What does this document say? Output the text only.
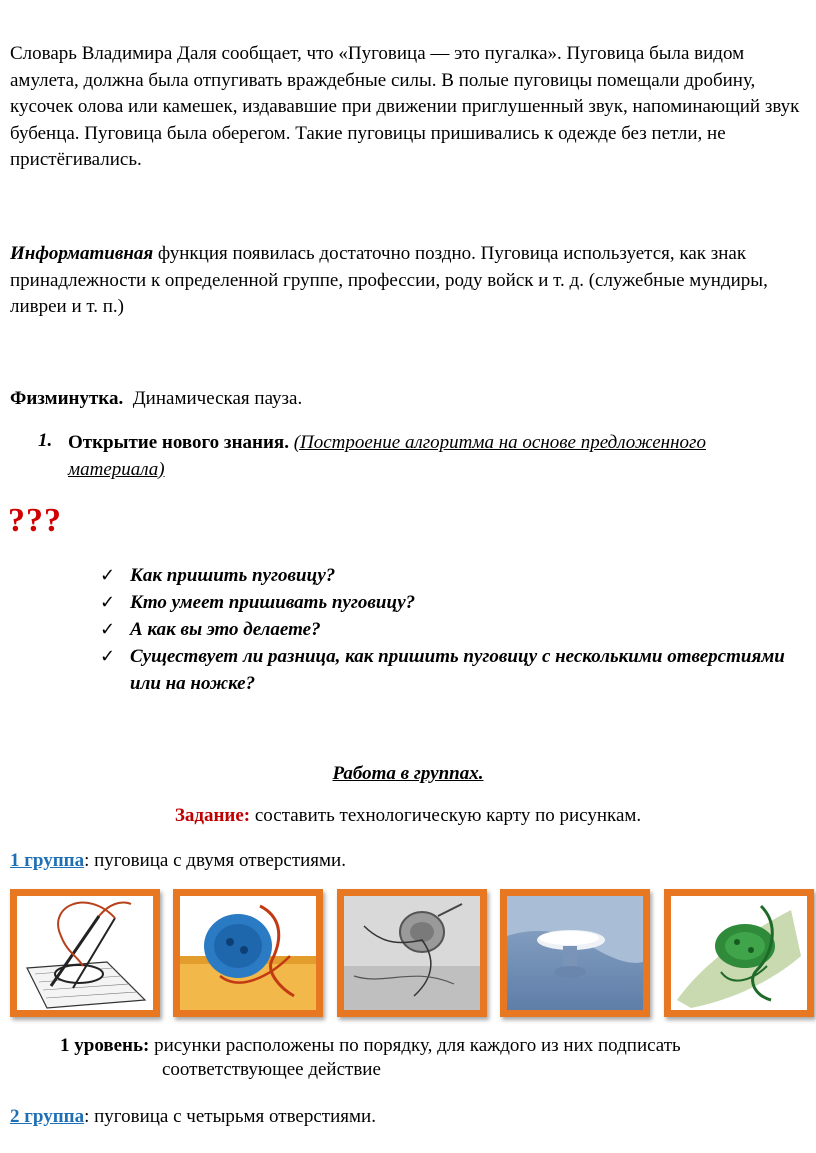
Словарь Владимира Даля сообщает, что «Пуговица — это пугалка». Пуговица была видом амулета, должна была отпугивать враждебные силы. В полые пуговицы помещали дробину, кусочек олова или камешек, издававшие при движении приглушенный звук, напоминающий звук бубенца. Пуговица была оберегом. Такие пуговицы пришивались к одежде без петли, не пристёгивались.

Информативная функция появилась достаточно поздно. Пуговица используется, как знак принадлежности к определенной группе, профессии, роду войск и т. д. (служебные мундиры, ливреи и т. п.)

Физминутка.  Динамическая пауза.

1. Открытие нового знания. (Построение алгоритма на основе предложенного материала)
???
✓ Как пришить пуговицу?
✓ Кто умеет пришивать пуговицу?
✓ А как вы это делаете?
✓ Существует ли разница, как пришить пуговицу с несколькими отверстиями или на ножке?

Работа в группах.

Задание: составить технологическую карту по рисункам.

1 группа: пуговица с двумя отверстиями.

1 уровень: рисунки расположены по порядку, для каждого из них подписать
соответствующее действие

2 группа: пуговица с четырьмя отверстиями.
